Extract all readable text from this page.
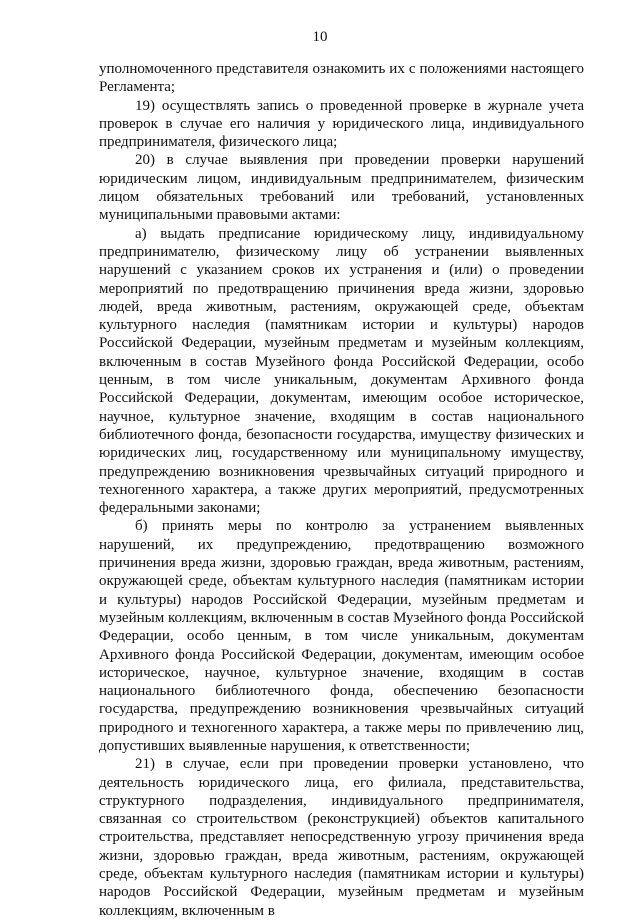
10

уполномоченного представителя ознакомить их с положениями настоящего Регламента;

19) осуществлять запись о проведенной проверке в журнале учета проверок в случае его наличия у юридического лица, индивидуального предпринимателя, физического лица;

20) в случае выявления при проведении проверки нарушений юридическим лицом, индивидуальным предпринимателем, физическим лицом обязательных требований или требований, установленных муниципальными правовыми актами:

а) выдать предписание юридическому лицу, индивидуальному предпринимателю, физическому лицу об устранении выявленных нарушений с указанием сроков их устранения и (или) о проведении мероприятий по предотвращению причинения вреда жизни, здоровью людей, вреда животным, растениям, окружающей среде, объектам культурного наследия (памятникам истории и культуры) народов Российской Федерации, музейным предметам и музейным коллекциям, включенным в состав Музейного фонда Российской Федерации, особо ценным, в том числе уникальным, документам Архивного фонда Российской Федерации, документам, имеющим особое историческое, научное, культурное значение, входящим в состав национального библиотечного фонда, безопасности государства, имуществу физических и юридических лиц, государственному или муниципальному имуществу, предупреждению возникновения чрезвычайных ситуаций природного и техногенного характера, а также других мероприятий, предусмотренных федеральными законами;

б) принять меры по контролю за устранением выявленных нарушений, их предупреждению, предотвращению возможного причинения вреда жизни, здоровью граждан, вреда животным, растениям, окружающей среде, объектам культурного наследия (памятникам истории и культуры) народов Российской Федерации, музейным предметам и музейным коллекциям, включенным в состав Музейного фонда Российской Федерации, особо ценным, в том числе уникальным, документам Архивного фонда Российской Федерации, документам, имеющим особое историческое, научное, культурное значение, входящим в состав национального библиотечного фонда, обеспечению безопасности государства, предупреждению возникновения чрезвычайных ситуаций природного и техногенного характера, а также меры по привлечению лиц, допустивших выявленные нарушения, к ответственности;

21) в случае, если при проведении проверки установлено, что деятельность юридического лица, его филиала, представительства, структурного подразделения, индивидуального предпринимателя, связанная со строительством (реконструкцией) объектов капитального строительства, представляет непосредственную угрозу причинения вреда жизни, здоровью граждан, вреда животным, растениям, окружающей среде, объектам культурного наследия (памятникам истории и культуры) народов Российской Федерации, музейным предметам и музейным коллекциям, включенным в
